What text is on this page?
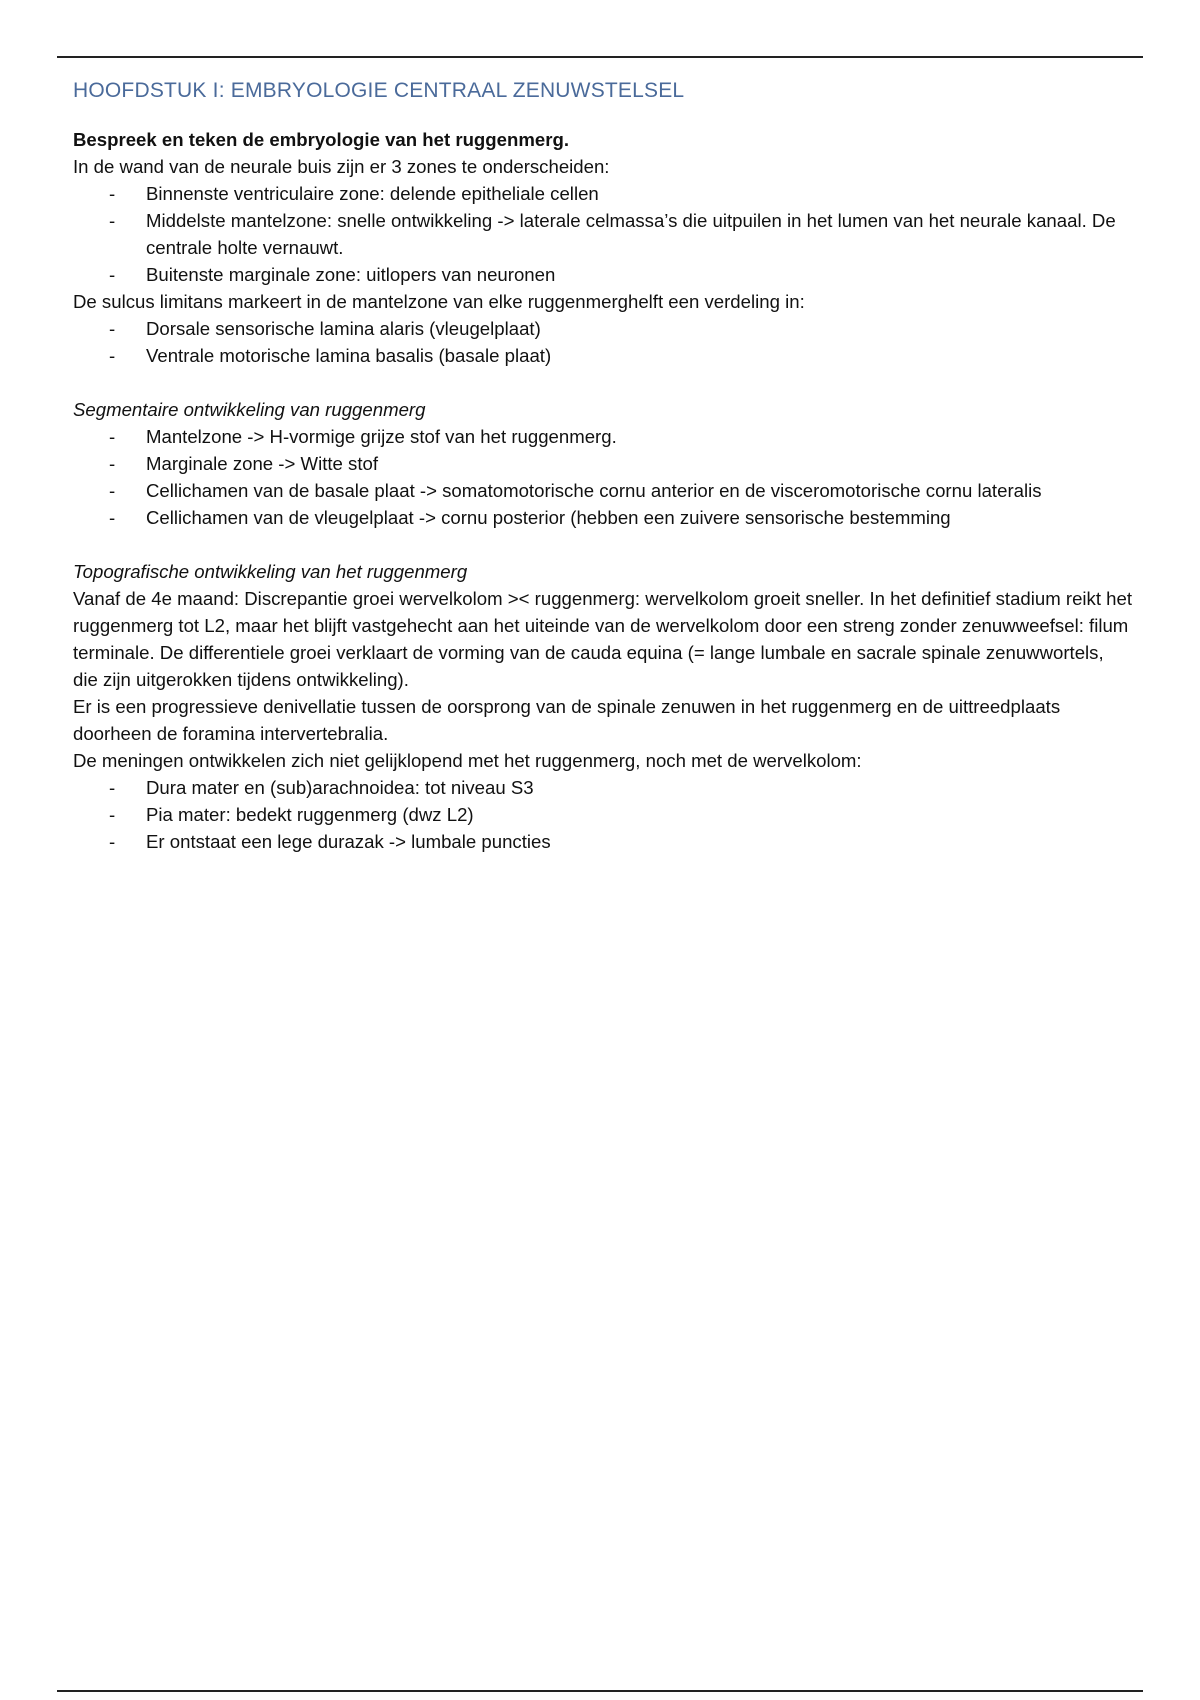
HOOFDSTUK I: EMBRYOLOGIE CENTRAAL ZENUWSTELSEL

Bespreek en teken de embryologie van het ruggenmerg.

In de wand van de neurale buis zijn er 3 zones te onderscheiden:

- Binnenste ventriculaire zone: delende epitheliale cellen
- Middelste mantelzone: snelle ontwikkeling -> laterale celmassa’s die uitpuilen in het lumen van het neurale kanaal. De centrale holte vernauwt.
- Buitenste marginale zone: uitlopers van neuronen

De sulcus limitans markeert in de mantelzone van elke ruggenmerghelft een verdeling in:

- Dorsale sensorische lamina alaris (vleugelplaat)
- Ventrale motorische lamina basalis (basale plaat)

Segmentaire ontwikkeling van ruggenmerg

- Mantelzone -> H-vormige grijze stof van het ruggenmerg.
- Marginale zone -> Witte stof
- Cellichamen van de basale plaat -> somatomotorische cornu anterior en de visceromotorische cornu lateralis
- Cellichamen van de vleugelplaat -> cornu posterior (hebben een zuivere sensorische bestemming

Topografische ontwikkeling van het ruggenmerg

Vanaf de 4e maand: Discrepantie groei wervelkolom >< ruggenmerg: wervelkolom groeit sneller. In het definitief stadium reikt het ruggenmerg tot L2, maar het blijft vastgehecht aan het uiteinde van de wervelkolom door een streng zonder zenuwweefsel: filum terminale. De differentiele groei verklaart de vorming van de cauda equina (= lange lumbale en sacrale spinale zenuwwortels, die zijn uitgerokken tijdens ontwikkeling).

Er is een progressieve denivellatie tussen de oorsprong van de spinale zenuwen in het ruggenmerg en de uittreedplaats doorheen de foramina intervertebralia.

De meningen ontwikkelen zich niet gelijklopend met het ruggenmerg, noch met de wervelkolom:

- Dura mater en (sub)arachnoidea: tot niveau S3
- Pia mater: bedekt ruggenmerg (dwz L2)
- Er ontstaat een lege durazak -> lumbale puncties
